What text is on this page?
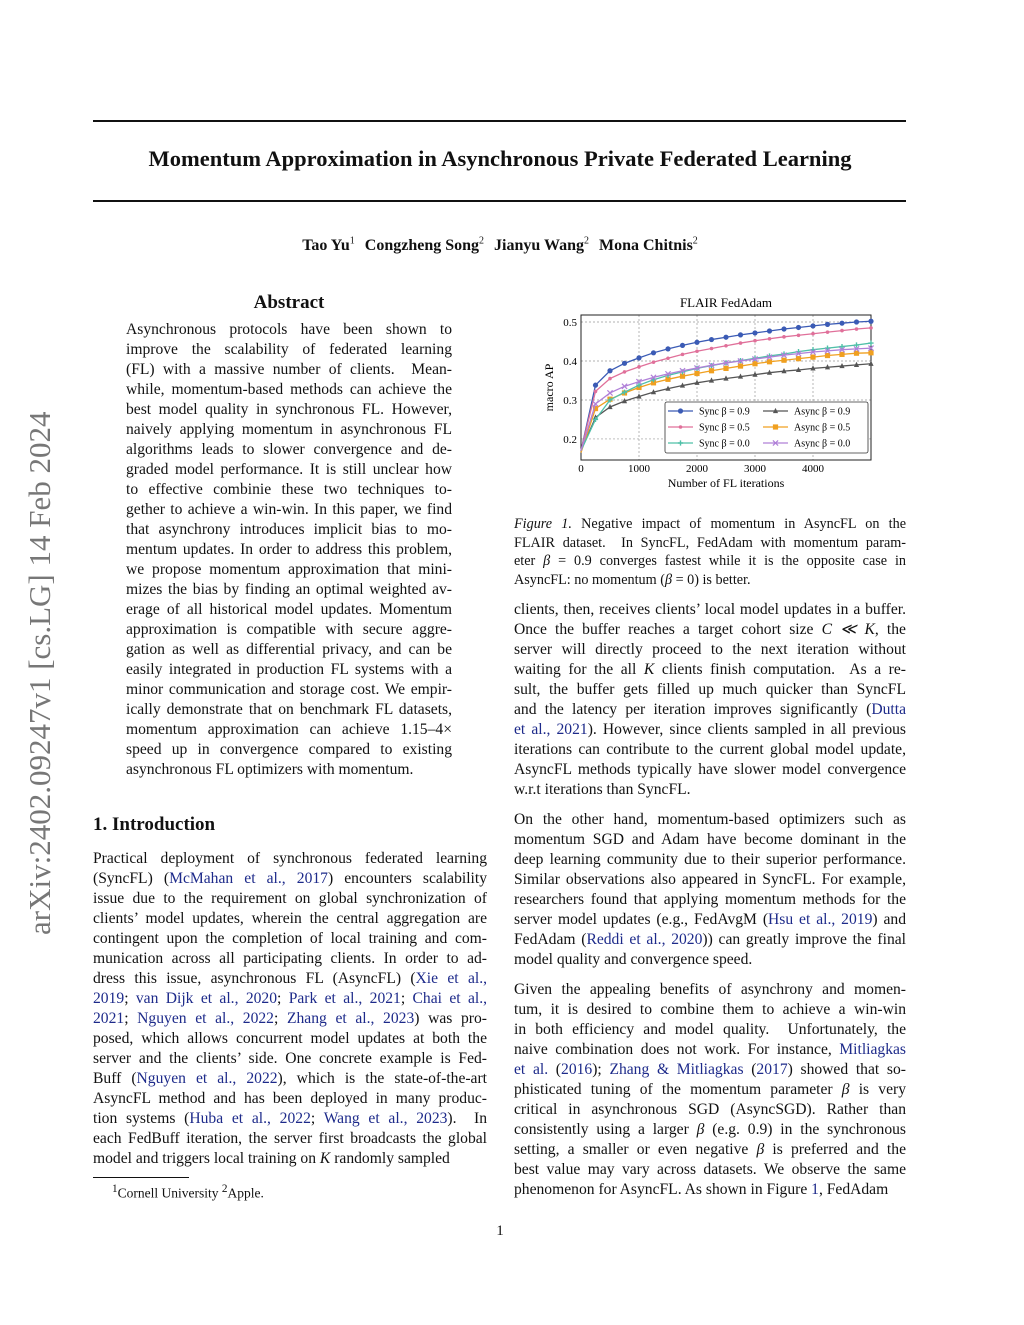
arXiv:2402.09247v1 [cs.LG] 14 Feb 2024
Momentum Approximation in Asynchronous Private Federated Learning
Tao Yu$^1$ Congzheng Song$^2$ Jianyu Wang$^2$ Mona Chitnis$^2$
Abstract
Asynchronous protocols have been shown to
improve the scalability of federated learning
(FL) with a massive number of clients.  Mean-
while, momentum-based methods can achieve the
best model quality in synchronous FL. However,
naively applying momentum in asynchronous FL
algorithms leads to slower convergence and de-
graded model performance. It is still unclear how
to effective combinie these two techniques to-
gether to achieve a win-win. In this paper, we find
that asynchrony introduces implicit bias to mo-
mentum updates. In order to address this problem,
we propose momentum approximation that mini-
mizes the bias by finding an optimal weighted av-
erage of all historical model updates. Momentum
approximation is compatible with secure aggre-
gation as well as differential privacy, and can be
easily integrated in production FL systems with a
minor communication and storage cost. We empir-
ically demonstrate that on benchmark FL datasets,
momentum approximation can achieve 1.15–4×
speed up in convergence compared to existing
asynchronous FL optimizers with momentum.
1. Introduction
Practical deployment of synchronous federated learning
(SyncFL) (McMahan et al., 2017) encounters scalability
issue due to the requirement on global synchronization of
clients’ model updates, wherein the central aggregation are
contingent upon the completion of local training and com-
munication across all participating clients. In order to ad-
dress this issue, asynchronous FL (AsyncFL) (Xie et al.,
2019; van Dijk et al., 2020; Park et al., 2021; Chai et al.,
2021; Nguyen et al., 2022; Zhang et al., 2023) was pro-
posed, which allows concurrent model updates at both the
server and the clients’ side. One concrete example is Fed-
Buff (Nguyen et al., 2022), which is the state-of-the-art
AsyncFL method and has been deployed in many produc-
tion systems (Huba et al., 2022; Wang et al., 2023).  In
each FedBuff iteration, the server first broadcasts the global
model and triggers local training on K randomly sampled
$^1$Cornell University $^2$Apple.
0	1000	2000	3000	4000
0.2
0.3
0.4
0.5
FLAIR FedAdam
Number of FL iterations
macro AP
Sync β = 0.9	Async β = 0.9
Sync β = 0.5	Async β = 0.5
Sync β = 0.0	Async β = 0.0
Figure 1. Negative impact of momentum in AsyncFL on the
FLAIR dataset.  In SyncFL, FedAdam with momentum param-
eter β = 0.9 converges fastest while it is the opposite case in
AsyncFL: no momentum (β = 0) is better.
clients, then, receives clients’ local model updates in a buffer.
Once the buffer reaches a target cohort size C ≪ K, the
server will directly proceed to the next iteration without
waiting for the all K clients finish computation.  As a re-
sult, the buffer gets filled up much quicker than SyncFL
and the latency per iteration improves significantly (Dutta
et al., 2021). However, since clients sampled in all previous
iterations can contribute to the current global model update,
AsyncFL methods typically have slower model convergence
w.r.t iterations than SyncFL.
On the other hand, momentum-based optimizers such as
momentum SGD and Adam have become dominant in the
deep learning community due to their superior performance.
Similar observations also appeared in SyncFL. For example,
researchers found that applying momentum methods for the
server model updates (e.g., FedAvgM (Hsu et al., 2019) and
FedAdam (Reddi et al., 2020)) can greatly improve the final
model quality and convergence speed.
Given the appealing benefits of asynchrony and momen-
tum, it is desired to combine them to achieve a win-win
in both efficiency and model quality.  Unfortunately, the
naive combination does not work. For instance, Mitliagkas
et al. (2016); Zhang & Mitliagkas (2017) showed that so-
phisticated tuning of the momentum parameter β is very
critical in asynchronous SGD (AsyncSGD). Rather than
consistently using a larger β (e.g. 0.9) in the synchronous
setting, a smaller or even negative β is preferred and the
best value may vary across datasets. We observe the same
phenomenon for AsyncFL. As shown in Figure 1, FedAdam
1
